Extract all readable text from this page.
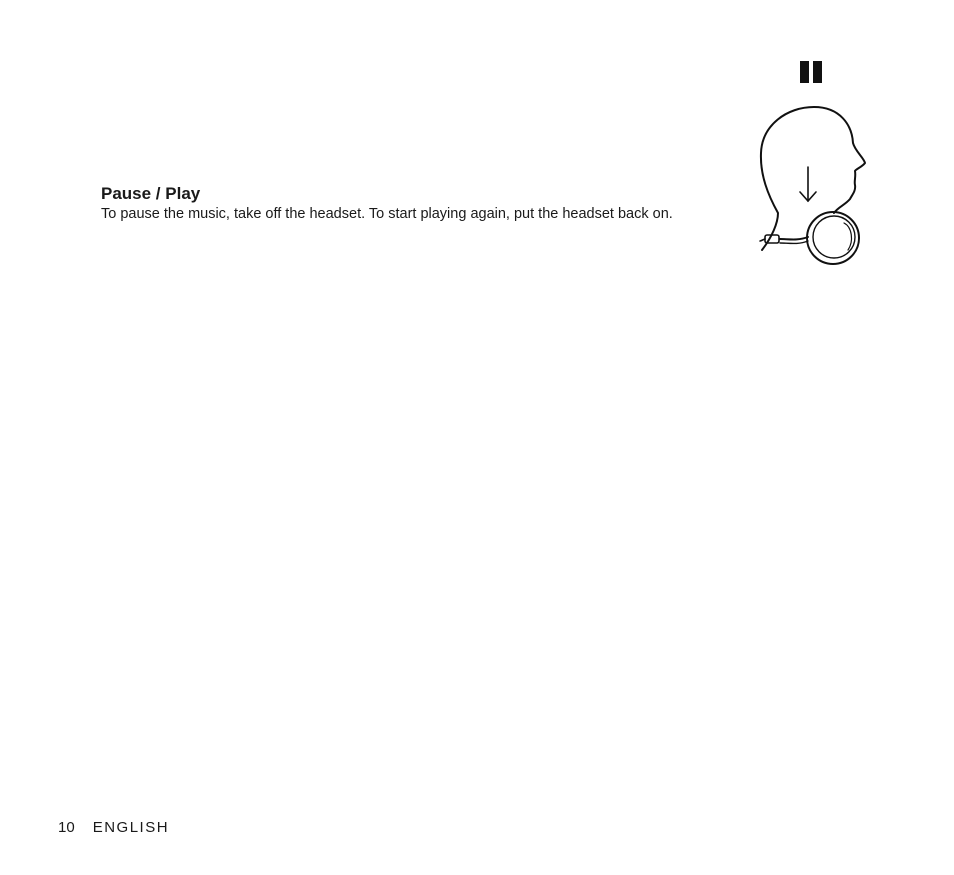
Pause / Play

To pause the music, take off the headset. To start playing again, put the headset back on.

10 ENGLISH
